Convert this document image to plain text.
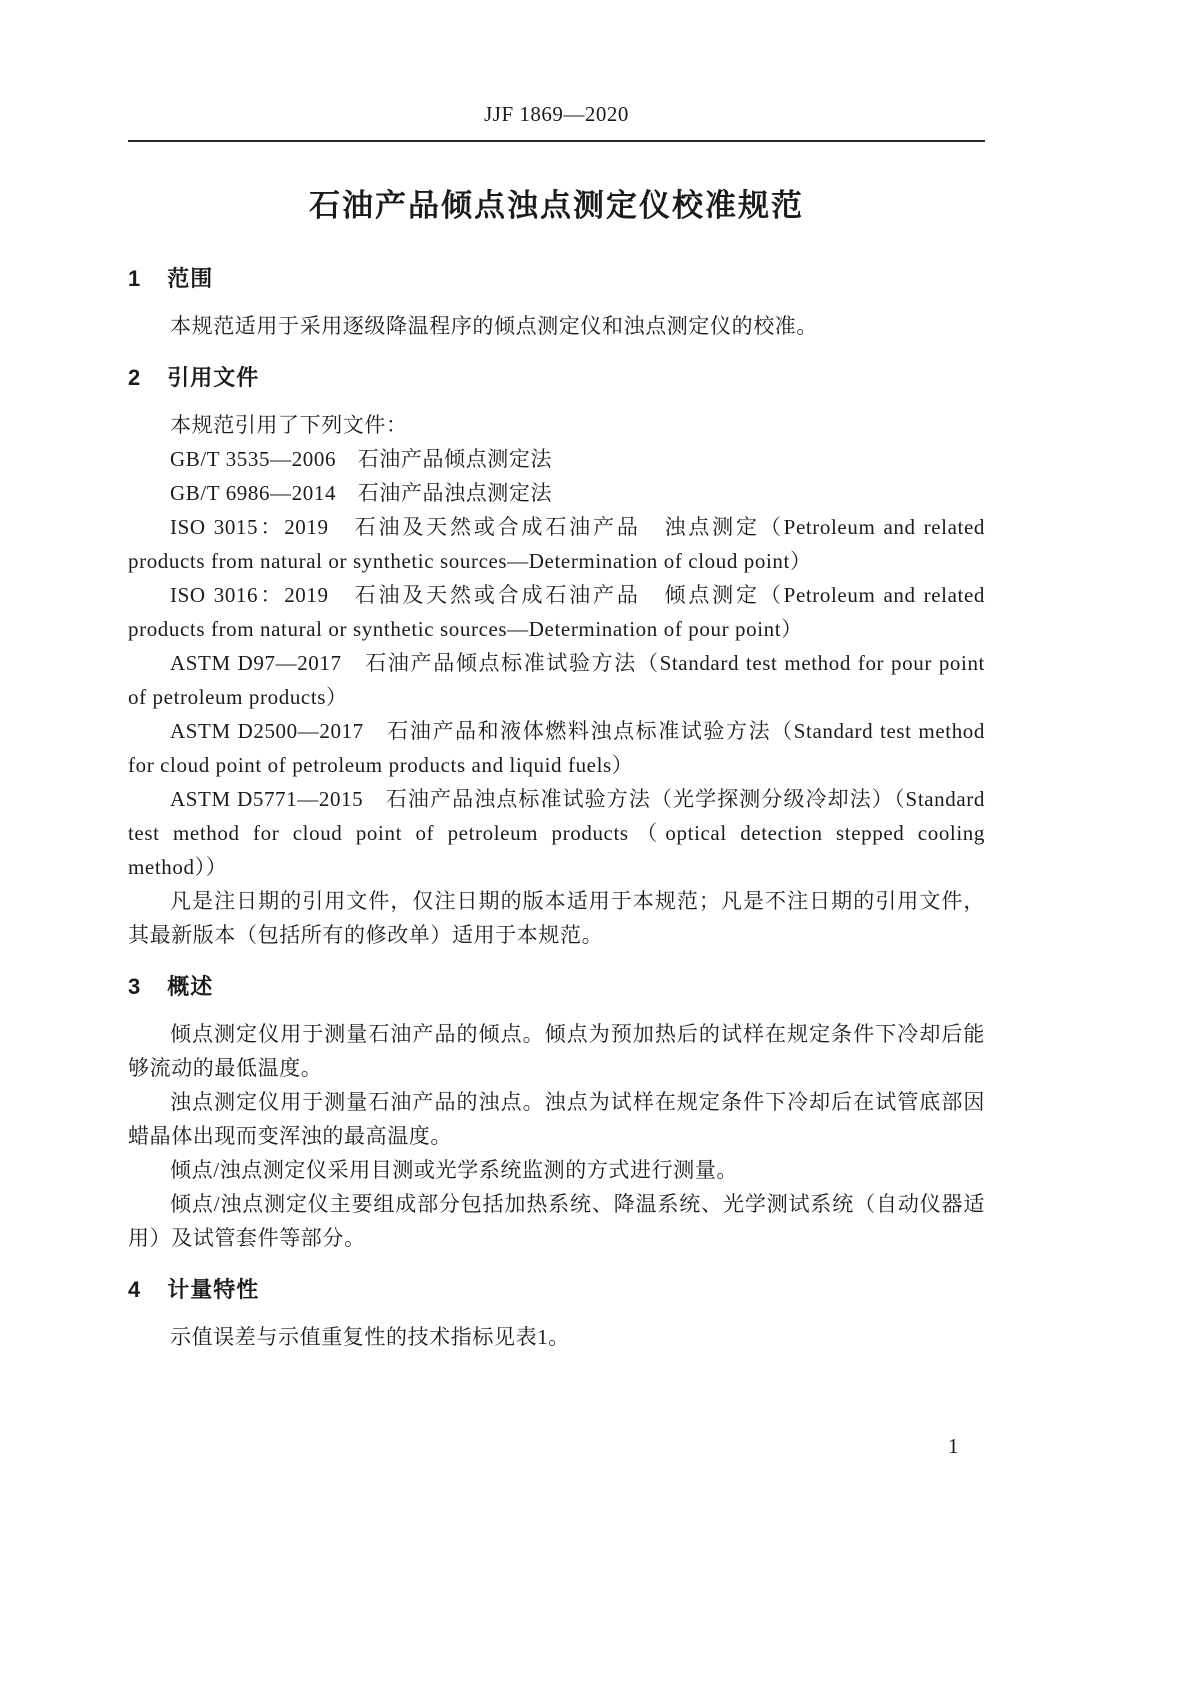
JJF 1869—2020
石油产品倾点浊点测定仪校准规范
1 范围

本规范适用于采用逐级降温程序的倾点测定仪和浊点测定仪的校准。

2 引用文件

本规范引用了下列文件：

GB/T 3535—2006　石油产品倾点测定法

GB/T 6986—2014　石油产品浊点测定法

ISO 3015：2019　石油及天然或合成石油产品　浊点测定（Petroleum and related products from natural or synthetic sources—Determination of cloud point）

ISO 3016：2019　石油及天然或合成石油产品　倾点测定（Petroleum and related products from natural or synthetic sources—Determination of pour point）

ASTM D97—2017　石油产品倾点标准试验方法（Standard test method for pour point of petroleum products）

ASTM D2500—2017　石油产品和液体燃料浊点标准试验方法（Standard test method for cloud point of petroleum products and liquid fuels）

ASTM D5771—2015　石油产品浊点标准试验方法（光学探测分级冷却法）（Standard test method for cloud point of petroleum products（optical detection stepped cooling method））

凡是注日期的引用文件，仅注日期的版本适用于本规范；凡是不注日期的引用文件，其最新版本（包括所有的修改单）适用于本规范。

3 概述

倾点测定仪用于测量石油产品的倾点。倾点为预加热后的试样在规定条件下冷却后能够流动的最低温度。

浊点测定仪用于测量石油产品的浊点。浊点为试样在规定条件下冷却后在试管底部因蜡晶体出现而变浑浊的最高温度。

倾点/浊点测定仪采用目测或光学系统监测的方式进行测量。

倾点/浊点测定仪主要组成部分包括加热系统、降温系统、光学测试系统（自动仪器适用）及试管套件等部分。

4 计量特性

示值误差与示值重复性的技术指标见表1。

1
